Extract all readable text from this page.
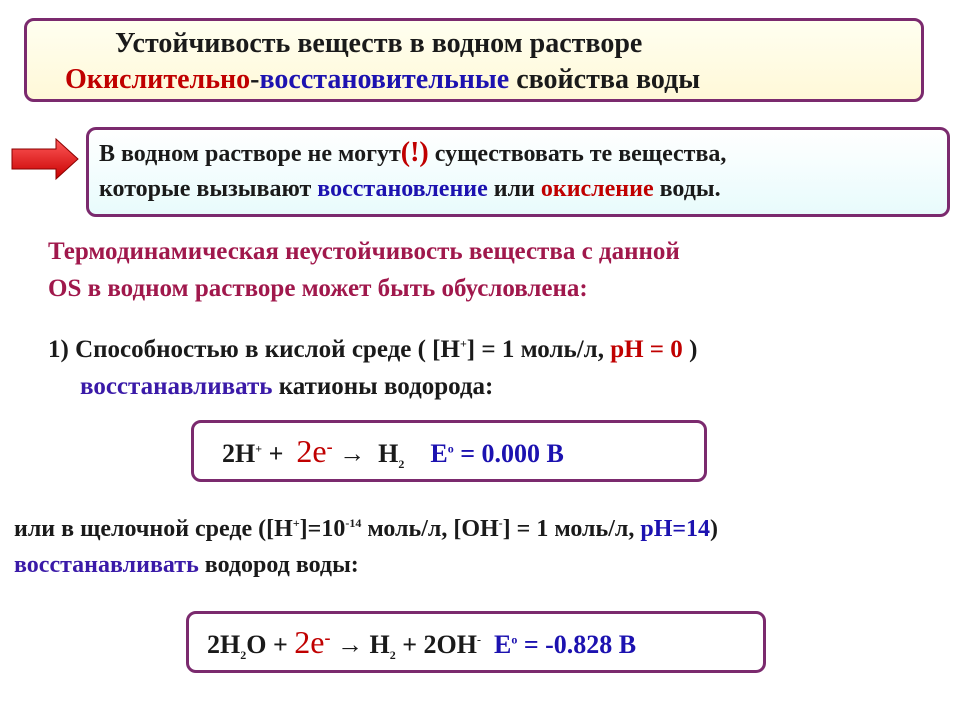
Устойчивость веществ в водном растворе
Окислительно-восстановительные свойства воды
В водном растворе не могут(!) существовать те вещества,
которые вызывают восстановление или окисление воды.
Термодинамическая неустойчивость вещества с данной
OS в водном растворе может быть обусловлена:
1) Способностью в кислой среде ( [H+] = 1 моль/л, pH = 0 )
восстанавливать катионы водорода:
$2H^+ + 2e^- \to H_2$ $E^o = 0.000$ B
или в щелочной среде ($[H^+]=10^{-14}$ моль/л, [OH-] = 1 моль/л, pH=14)
восстанавливать водород воды:
$2H_2O + 2e^- \to H_2 + 2OH^-$ $E^o = -0.828$ B
